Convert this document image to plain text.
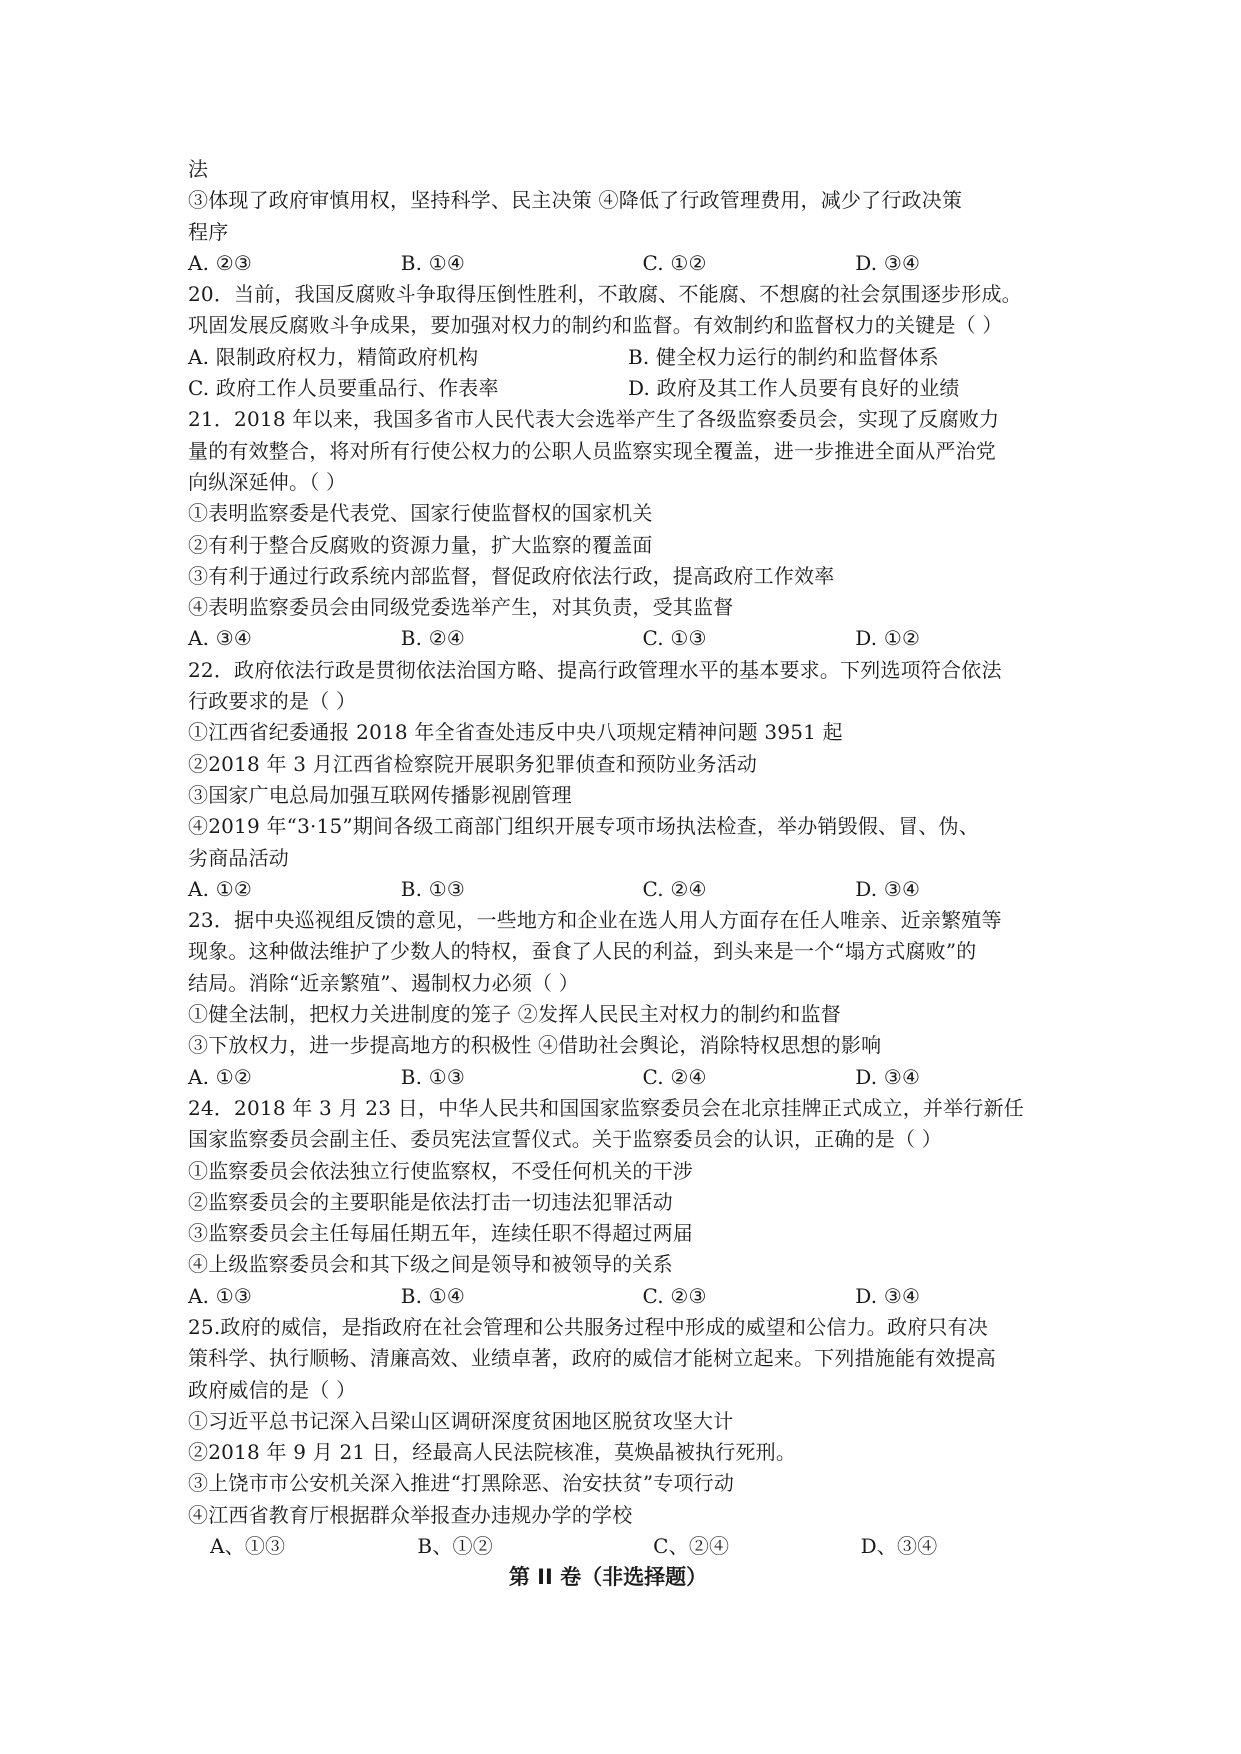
法
③体现了政府审慎用权，坚持科学、民主决策 ④降低了行政管理费用，减少了行政决策
程序
A. ②③	B. ①④	C. ①②	D. ③④
20．当前，我国反腐败斗争取得压倒性胜利，不敢腐、不能腐、不想腐的社会氛围逐步形成。
巩固发展反腐败斗争成果，要加强对权力的制约和监督。有效制约和监督权力的关键是（ ）
A. 限制政府权力，精简政府机构	B. 健全权力运行的制约和监督体系
C. 政府工作人员要重品行、作表率	D. 政府及其工作人员要有良好的业绩
21．2018 年以来，我国多省市人民代表大会选举产生了各级监察委员会，实现了反腐败力
量的有效整合，将对所有行使公权力的公职人员监察实现全覆盖，进一步推进全面从严治党
向纵深延伸。（ ）
①表明监察委是代表党、国家行使监督权的国家机关
②有利于整合反腐败的资源力量，扩大监察的覆盖面
③有利于通过行政系统内部监督，督促政府依法行政，提高政府工作效率
④表明监察委员会由同级党委选举产生，对其负责，受其监督
A. ③④	B. ②④	C. ①③	D. ①②
22．政府依法行政是贯彻依法治国方略、提高行政管理水平的基本要求。下列选项符合依法
行政要求的是（ ）
①江西省纪委通报 2018 年全省查处违反中央八项规定精神问题 3951 起
②2018 年 3 月江西省检察院开展职务犯罪侦查和预防业务活动
③国家广电总局加强互联网传播影视剧管理
④2019 年“3·15”期间各级工商部门组织开展专项市场执法检查，举办销毁假、冒、伪、
劣商品活动
A. ①②	B. ①③	C. ②④	D. ③④
23．据中央巡视组反馈的意见，一些地方和企业在选人用人方面存在任人唯亲、近亲繁殖等
现象。这种做法维护了少数人的特权，蚕食了人民的利益，到头来是一个“塌方式腐败”的
结局。消除“近亲繁殖”、遏制权力必须（ ）
①健全法制，把权力关进制度的笼子 ②发挥人民民主对权力的制约和监督
③下放权力，进一步提高地方的积极性 ④借助社会舆论，消除特权思想的影响
A. ①②	B. ①③	C. ②④	D. ③④
24．2018 年 3 月 23 日，中华人民共和国国家监察委员会在北京挂牌正式成立，并举行新任
国家监察委员会副主任、委员宪法宣誓仪式。关于监察委员会的认识，正确的是（ ）
①监察委员会依法独立行使监察权，不受任何机关的干涉
②监察委员会的主要职能是依法打击一切违法犯罪活动
③监察委员会主任每届任期五年，连续任职不得超过两届
④上级监察委员会和其下级之间是领导和被领导的关系
A. ①③	B. ①④	C. ②③	D. ③④
25.政府的威信，是指政府在社会管理和公共服务过程中形成的威望和公信力。政府只有决
策科学、执行顺畅、清廉高效、业绩卓著，政府的威信才能树立起来。下列措施能有效提高
政府威信的是（ ）
①习近平总书记深入吕梁山区调研深度贫困地区脱贫攻坚大计
②2018 年 9 月 21 日，经最高人民法院核准，莫焕晶被执行死刑。
③上饶市市公安机关深入推进“打黑除恶、治安扶贫”专项行动
④江西省教育厅根据群众举报查办违规办学的学校
A、①③	B、①②	C、②④	D、③④
第 II 卷（非选择题）
